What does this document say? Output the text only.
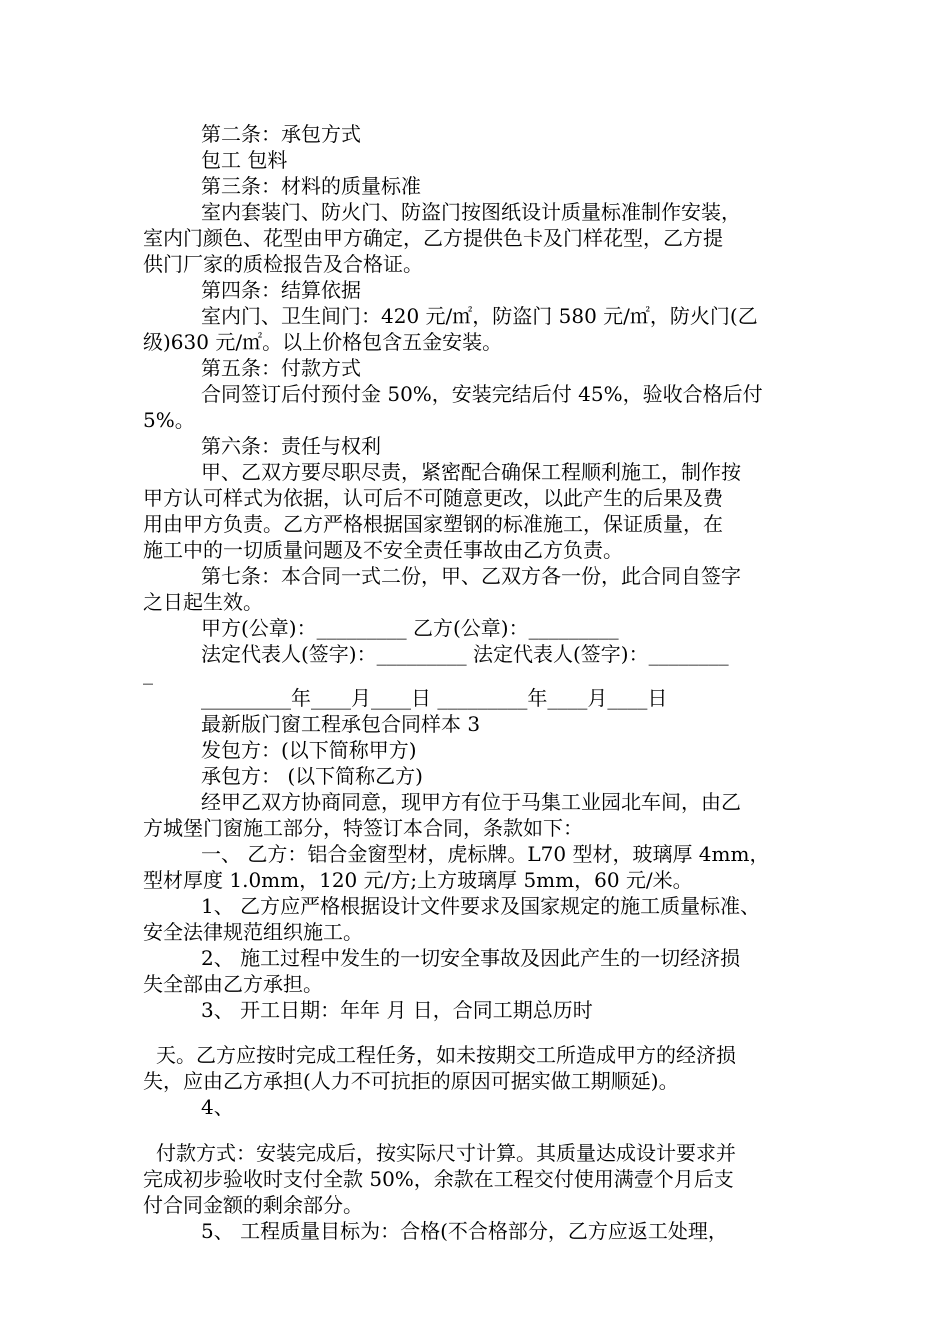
第二条：承包方式
包工 包料
第三条：材料的质量标准
室内套装门、防火门、防盗门按图纸设计质量标准制作安装，
室内门颜色、花型由甲方确定，乙方提供色卡及门样花型，乙方提
供门厂家的质检报告及合格证。
第四条：结算依据
室内门、卫生间门：420 元/㎡，防盗门 580 元/㎡，防火门(乙
级)630 元/㎡。以上价格包含五金安装。
第五条：付款方式
合同签订后付预付金 50%，安装完结后付 45%，验收合格后付
5%。
第六条：责任与权利
甲、乙双方要尽职尽责，紧密配合确保工程顺利施工，制作按
甲方认可样式为依据，认可后不可随意更改，以此产生的后果及费
用由甲方负责。乙方严格根据国家塑钢的标准施工，保证质量，在
施工中的一切质量问题及不安全责任事故由乙方负责。
第七条：本合同一式二份，甲、乙双方各一份，此合同自签字
之日起生效。
甲方(公章)：_________ 乙方(公章)：_________
法定代表人(签字)：_________ 法定代表人(签字)：________
_
_________年____月____日 _________年____月____日
最新版门窗工程承包合同样本 3
发包方：(以下简称甲方)
承包方： (以下简称乙方)
经甲乙双方协商同意，现甲方有位于马集工业园北车间，由乙
方城堡门窗施工部分，特签订本合同，条款如下：
一、 乙方：铝合金窗型材，虎标牌。L70 型材，玻璃厚 4mm，
型材厚度 1.0mm，120 元/方;上方玻璃厚 5mm，60 元/米。
1、 乙方应严格根据设计文件要求及国家规定的施工质量标准、
安全法律规范组织施工。
2、 施工过程中发生的一切安全事故及因此产生的一切经济损
失全部由乙方承担。
3、 开工日期：年年 月 日，合同工期总历时
天。乙方应按时完成工程任务，如未按期交工所造成甲方的经济损
失，应由乙方承担(人力不可抗拒的原因可据实做工期顺延)。
4、
付款方式：安装完成后，按实际尺寸计算。其质量达成设计要求并
完成初步验收时支付全款 50%，余款在工程交付使用满壹个月后支
付合同金额的剩余部分。
5、 工程质量目标为：合格(不合格部分，乙方应返工处理，
